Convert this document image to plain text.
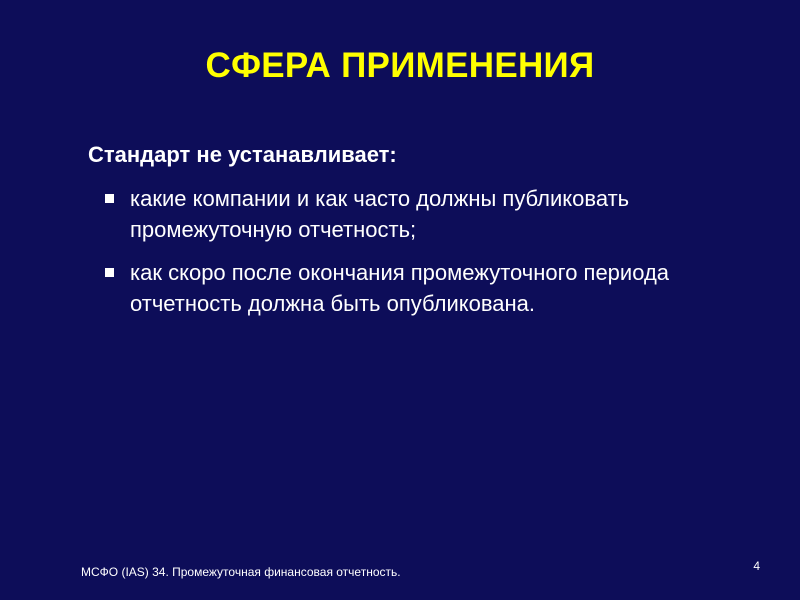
СФЕРА ПРИМЕНЕНИЯ
Стандарт не устанавливает:
какие компании и как часто должны публиковать промежуточную отчетность;
как скоро после окончания промежуточного периода отчетность должна быть опубликована.
МСФО (IAS) 34. Промежуточная финансовая отчетность.	4
